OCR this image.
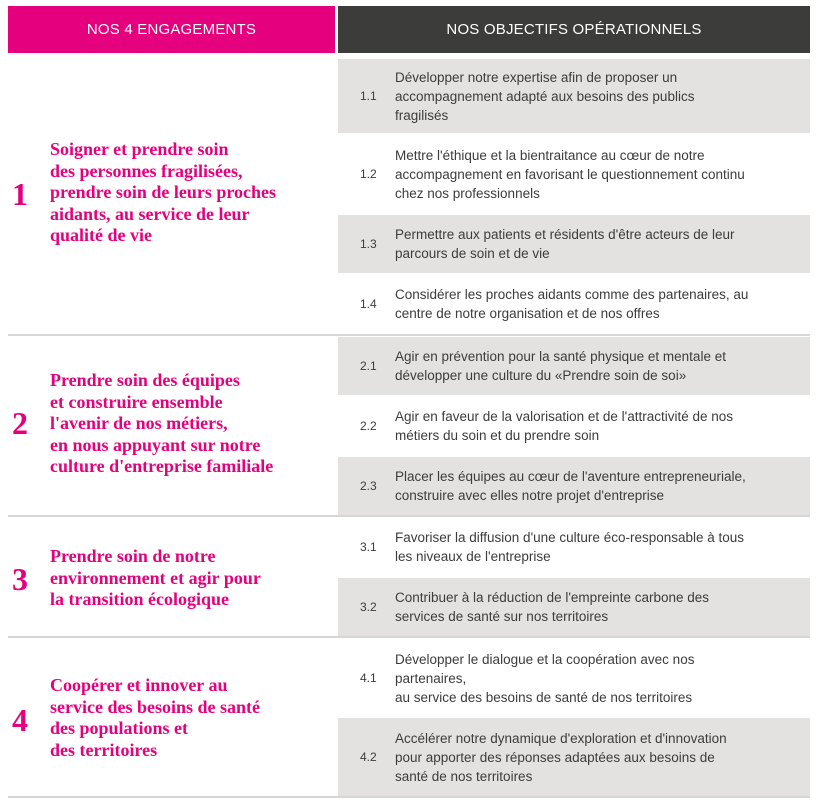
NOS 4 ENGAGEMENTS	NOS OBJECTIFS OPÉRATIONNELS
1.1
Développer notre expertise afin de proposer un
accompagnement adapté aux besoins des publics
fragilisés
1.2
Mettre l'éthique et la bientraitance au cœur de notre
accompagnement en favorisant le questionnement continu
chez nos professionnels
1.3
Permettre aux patients et résidents d'être acteurs de leur
parcours de soin et de vie
1.4
Considérer les proches aidants comme des partenaires, au
centre de notre organisation et de nos offres
2.1
Agir en prévention pour la santé physique et mentale et
développer une culture du «Prendre soin de soi»
2.2
Agir en faveur de la valorisation et de l'attractivité de nos
métiers du soin et du prendre soin
2.3
Placer les équipes au cœur de l'aventure entrepreneuriale,
construire avec elles notre projet d'entreprise
3.1
Favoriser la diffusion d'une culture éco-responsable à tous
les niveaux de l'entreprise
3.2
Contribuer à la réduction de l'empreinte carbone des
services de santé sur nos territoires
4.1
Développer le dialogue et la coopération avec nos
partenaires,
au service des besoins de santé de nos territoires
4.2
Accélérer notre dynamique d'exploration et d'innovation
pour apporter des réponses adaptées aux besoins de
santé de nos territoires
1
Soigner et prendre soin
des personnes fragilisées,
prendre soin de leurs proches
aidants, au service de leur
qualité de vie
2
Prendre soin des équipes
et construire ensemble
l'avenir de nos métiers,
en nous appuyant sur notre
culture d'entreprise familiale
3
Prendre soin de notre
environnement et agir pour
la transition écologique
4
Coopérer et innover au
service des besoins de santé
des populations et
des territoires
